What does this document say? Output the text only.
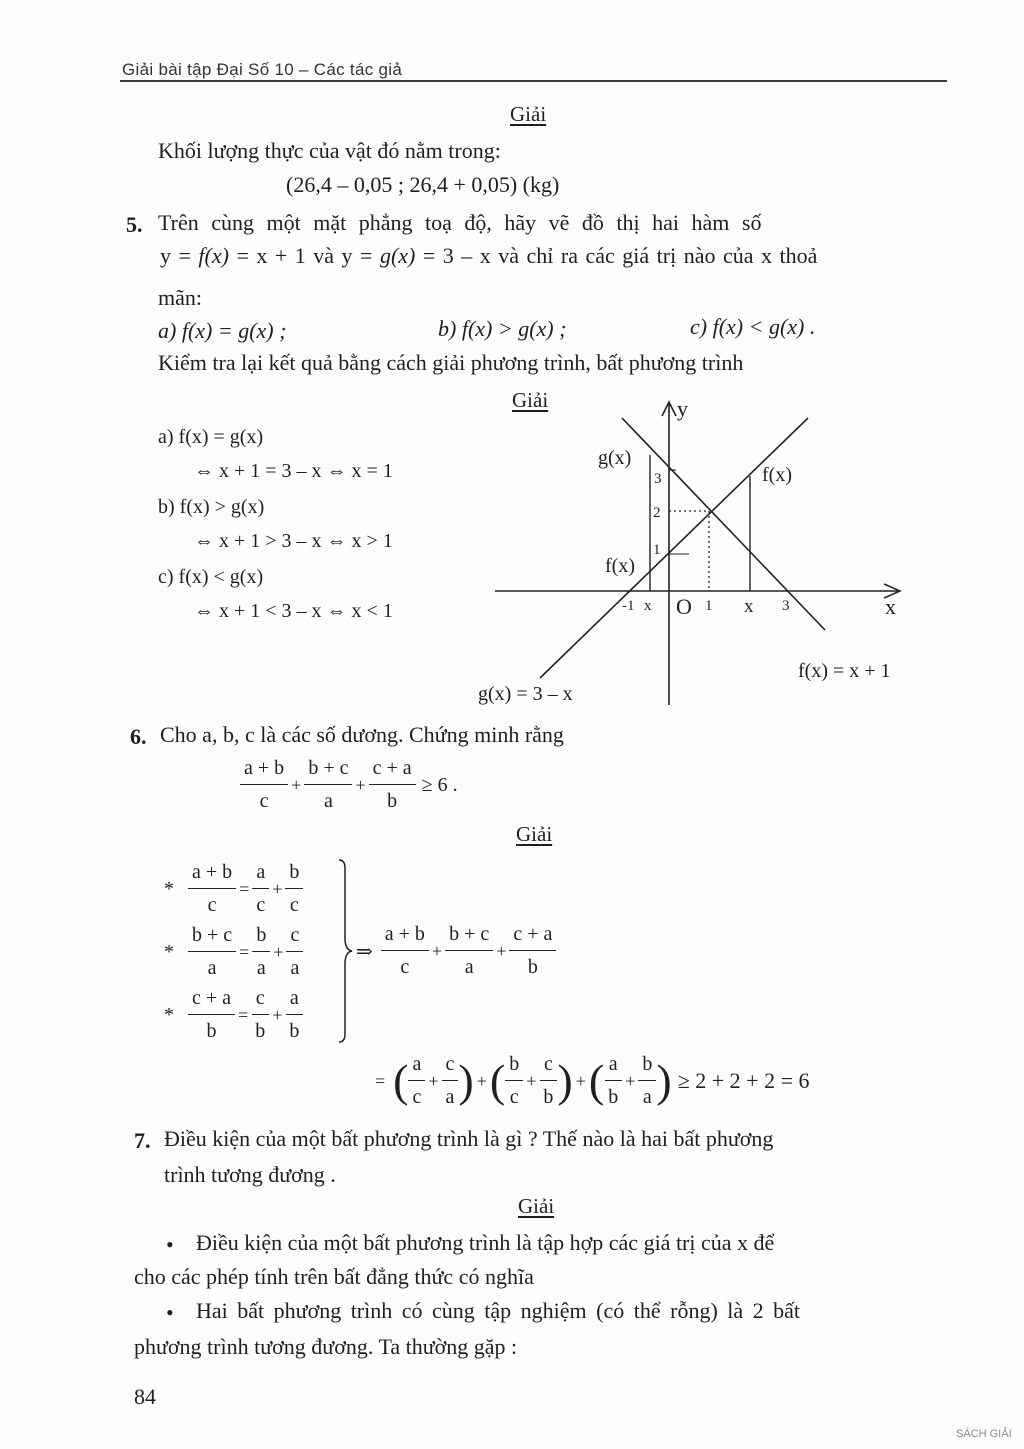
Giải bài tập Đại Số 10 – Các tác giả
Giải
Khối lượng thực của vật đó nằm trong:
(26,4 – 0,05 ; 26,4 + 0,05) (kg)
5. Trên cùng một mặt phẳng toạ độ, hãy vẽ đồ thị hai hàm số
y = f(x) = x + 1 và y = g(x) = 3 – x và chỉ ra các giá trị nào của x thoả
mãn:
a) f(x) = g(x) ;	b) f(x) > g(x) ;	c) f(x) < g(x) .
Kiểm tra lại kết quả bằng cách giải phương trình, bất phương trình
Giải
a) f(x) = g(x)
⇔ x + 1 = 3 – x ⇔ x = 1
b) f(x) > g(x)
⇔ x + 1 > 3 – x ⇔ x > 1
c) f(x) < g(x)
⇔ x + 1 < 3 – x ⇔ x < 1
y
x
O
-1 x	1 x 3
1
2
3
g(x)
f(x)
f(x)
f(x) = x + 1
g(x) = 3 – x
6. Cho a, b, c là các số dương. Chứng minh rằng
$\frac{a + b}{c} + \frac{b + c}{a} + \frac{c + a}{b} \ge 6$ .
Giải
* $\frac{a + b}{c} = \frac{a}{c} + \frac{b}{c}$
* $\frac{b + c}{a} = \frac{b}{a} + \frac{c}{a}$
* $\frac{c + a}{b} = \frac{c}{b} + \frac{a}{b}$
⇒ $\frac{a + b}{c} + \frac{b + c}{a} + \frac{c + a}{b}$
= ( $\frac{a}{c} + \frac{c}{a}$ ) + ( $\frac{b}{c} + \frac{c}{b}$ ) + ( $\frac{a}{b} + \frac{b}{a}$ ) ≥ 2 + 2 + 2 = 6
7. Điều kiện của một bất phương trình là gì ? Thế nào là hai bất phương
trình tương đương .
Giải
• Điều kiện của một bất phương trình là tập hợp các giá trị của x để
cho các phép tính trên bất đẳng thức có nghĩa
• Hai bất phương trình có cùng tập nghiệm (có thể rỗng) là 2 bất
phương trình tương đương. Ta thường gặp :
84
SÁCH GIẢI
